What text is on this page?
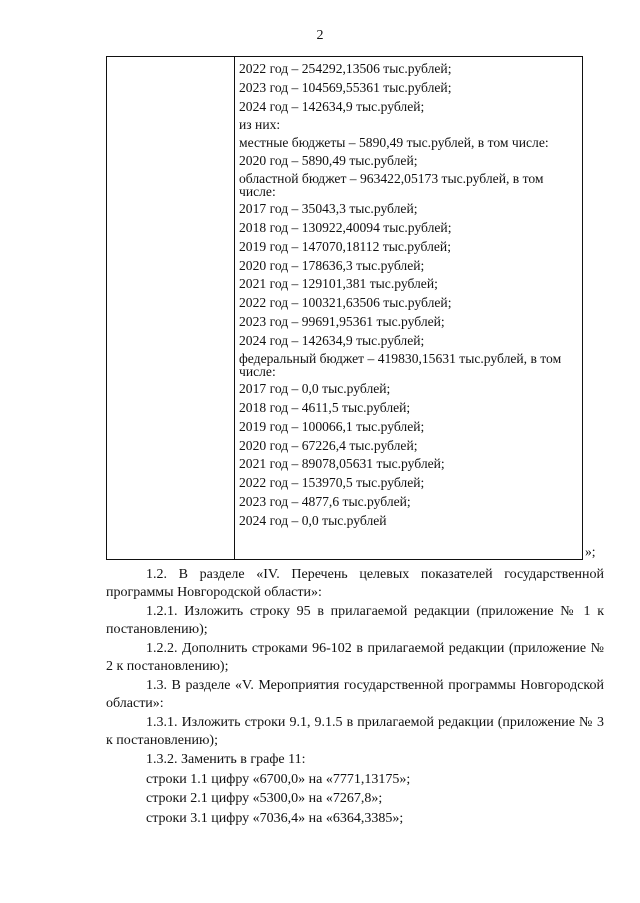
2
2022 год – 254292,13506 тыс.рублей;
2023 год – 104569,55361 тыс.рублей;
2024 год – 142634,9 тыс.рублей;
из них:
местные бюджеты – 5890,49 тыс.рублей, в том числе:
2020 год – 5890,49 тыс.рублей;
областной бюджет – 963422,05173 тыс.рублей, в том числе:
2017 год – 35043,3 тыс.рублей;
2018 год – 130922,40094 тыс.рублей;
2019 год – 147070,18112 тыс.рублей;
2020 год – 178636,3 тыс.рублей;
2021 год – 129101,381 тыс.рублей;
2022 год – 100321,63506 тыс.рублей;
2023 год – 99691,95361 тыс.рублей;
2024 год – 142634,9 тыс.рублей;
федеральный бюджет – 419830,15631 тыс.рублей, в том числе:
2017 год – 0,0 тыс.рублей;
2018 год – 4611,5 тыс.рублей;
2019 год – 100066,1 тыс.рублей;
2020 год – 67226,4 тыс.рублей;
2021 год – 89078,05631 тыс.рублей;
2022 год – 153970,5 тыс.рублей;
2023 год – 4877,6 тыс.рублей;
2024 год – 0,0 тыс.рублей
»;

1.2. В разделе «IV. Перечень целевых показателей государственной программы Новгородской области»:

1.2.1. Изложить строку 95 в прилагаемой редакции (приложение № 1 к постановлению);

1.2.2. Дополнить строками 96-102 в прилагаемой редакции (приложение № 2 к постановлению);

1.3. В разделе «V. Мероприятия государственной программы Новгородской области»:

1.3.1. Изложить строки 9.1, 9.1.5 в прилагаемой редакции (приложение № 3 к постановлению);

1.3.2. Заменить в графе 11:

строки 1.1 цифру «6700,0» на «7771,13175»;

строки 2.1 цифру «5300,0» на «7267,8»;

строки 3.1 цифру «7036,4» на «6364,3385»;
